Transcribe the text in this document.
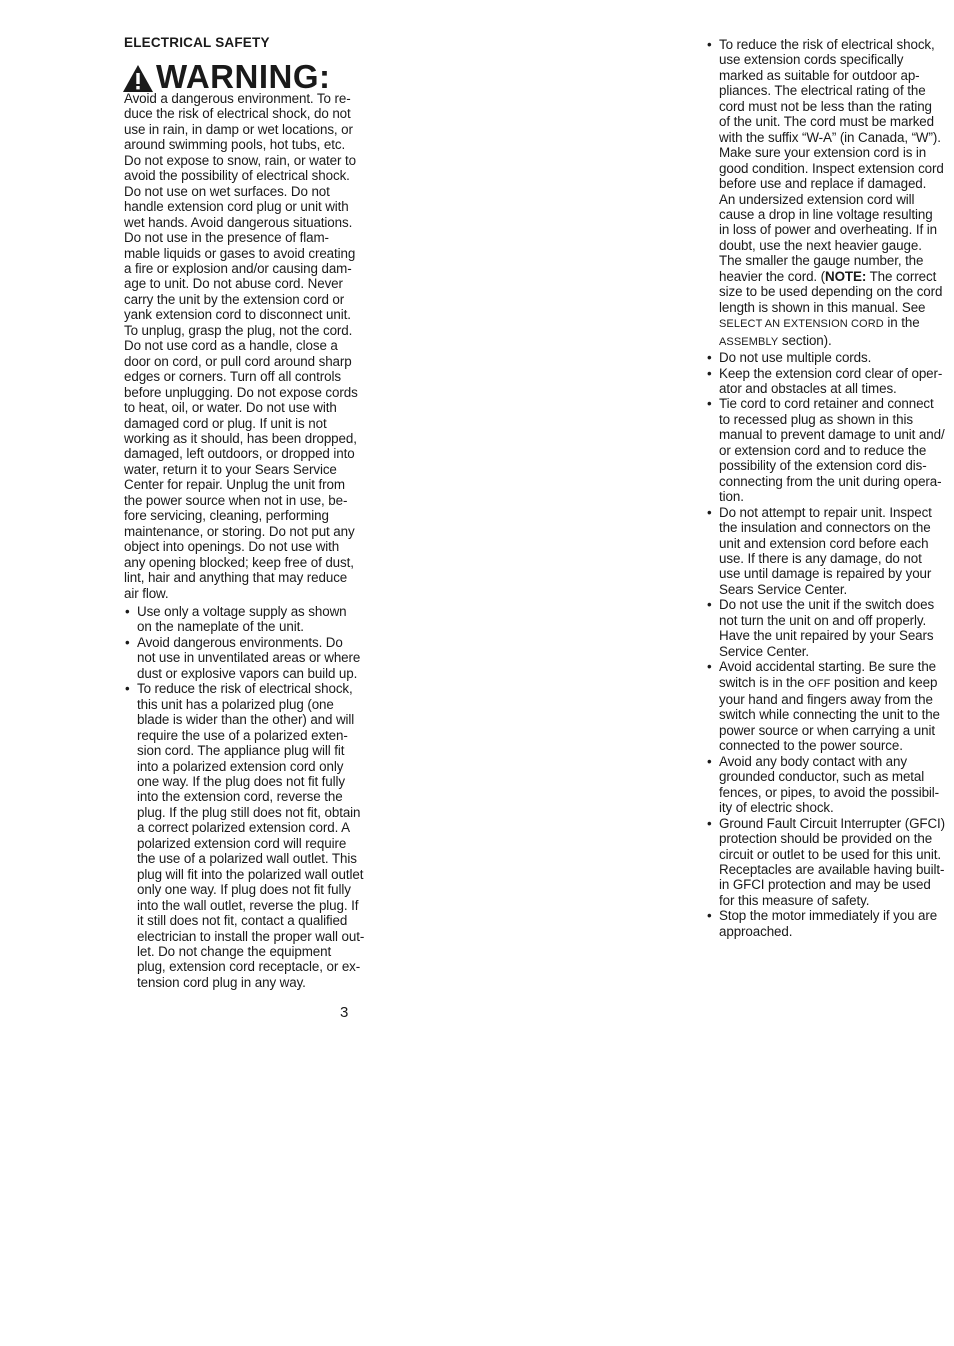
ELECTRICAL SAFETY
WARNING:

Avoid a dangerous environment. To re-
duce the risk of electrical shock, do not
use in rain, in damp or wet locations, or
around swimming pools, hot tubs, etc.
Do not expose to snow, rain, or water to
avoid the possibility of electrical shock.
Do not use on wet surfaces. Do not
handle extension cord plug or unit with
wet hands. Avoid dangerous situations.
Do not use in the presence of flam-
mable liquids or gases to avoid creating
a fire or explosion and/or causing dam-
age to unit. Do not abuse cord. Never
carry the unit by the extension cord or
yank extension cord to disconnect unit.
To unplug, grasp the plug, not the cord.
Do not use cord as a handle, close a
door on cord, or pull cord around sharp
edges or corners. Turn off all controls
before unplugging. Do not expose cords
to heat, oil, or water. Do not use with
damaged cord or plug. If unit is not
working as it should, has been dropped,
damaged, left outdoors, or dropped into
water, return it to your Sears Service
Center for repair. Unplug the unit from
the power source when not in use, be-
fore servicing, cleaning, performing
maintenance, or storing. Do not put any
object into openings. Do not use with
any opening blocked; keep free of dust,
lint, hair and anything that may reduce
air flow.

• Use only a voltage supply as shown
on the nameplate of the unit.
• Avoid dangerous environments. Do
not use in unventilated areas or where
dust or explosive vapors can build up.
• To reduce the risk of electrical shock,
this unit has a polarized plug (one
blade is wider than the other) and will
require the use of a polarized exten-
sion cord. The appliance plug will fit
into a polarized extension cord only
one way. If the plug does not fit fully
into the extension cord, reverse the
plug. If the plug still does not fit, obtain
a correct polarized extension cord. A
polarized extension cord will require
the use of a polarized wall outlet. This
plug will fit into the polarized wall outlet
only one way. If plug does not fit fully
into the wall outlet, reverse the plug. If
it still does not fit, contact a qualified
electrician to install the proper wall out-
let. Do not change the equipment
plug, extension cord receptacle, or ex-
tension cord plug in any way.
• To reduce the risk of electrical shock,
use extension cords specifically
marked as suitable for outdoor ap-
pliances. The electrical rating of the
cord must not be less than the rating
of the unit. The cord must be marked
with the suffix “W-A” (in Canada, “W”).
Make sure your extension cord is in
good condition. Inspect extension cord
before use and replace if damaged.
An undersized extension cord will
cause a drop in line voltage resulting
in loss of power and overheating. If in
doubt, use the next heavier gauge.
The smaller the gauge number, the
heavier the cord. (NOTE: The correct
size to be used depending on the cord
length is shown in this manual. See
SELECT AN EXTENSION CORD in the
ASSEMBLY section).
• Do not use multiple cords.
• Keep the extension cord clear of oper-
ator and obstacles at all times.
• Tie cord to cord retainer and connect
to recessed plug as shown in this
manual to prevent damage to unit and/
or extension cord and to reduce the
possibility of the extension cord dis-
connecting from the unit during opera-
tion.
• Do not attempt to repair unit. Inspect
the insulation and connectors on the
unit and extension cord before each
use. If there is any damage, do not
use until damage is repaired by your
Sears Service Center.
• Do not use the unit if the switch does
not turn the unit on and off properly.
Have the unit repaired by your Sears
Service Center.
• Avoid accidental starting. Be sure the
switch is in the OFF position and keep
your hand and fingers away from the
switch while connecting the unit to the
power source or when carrying a unit
connected to the power source.
• Avoid any body contact with any
grounded conductor, such as metal
fences, or pipes, to avoid the possibil-
ity of electric shock.
• Ground Fault Circuit Interrupter (GFCI)
protection should be provided on the
circuit or outlet to be used for this unit.
Receptacles are available having built-
in GFCI protection and may be used
for this measure of safety.
• Stop the motor immediately if you are
approached.
3
